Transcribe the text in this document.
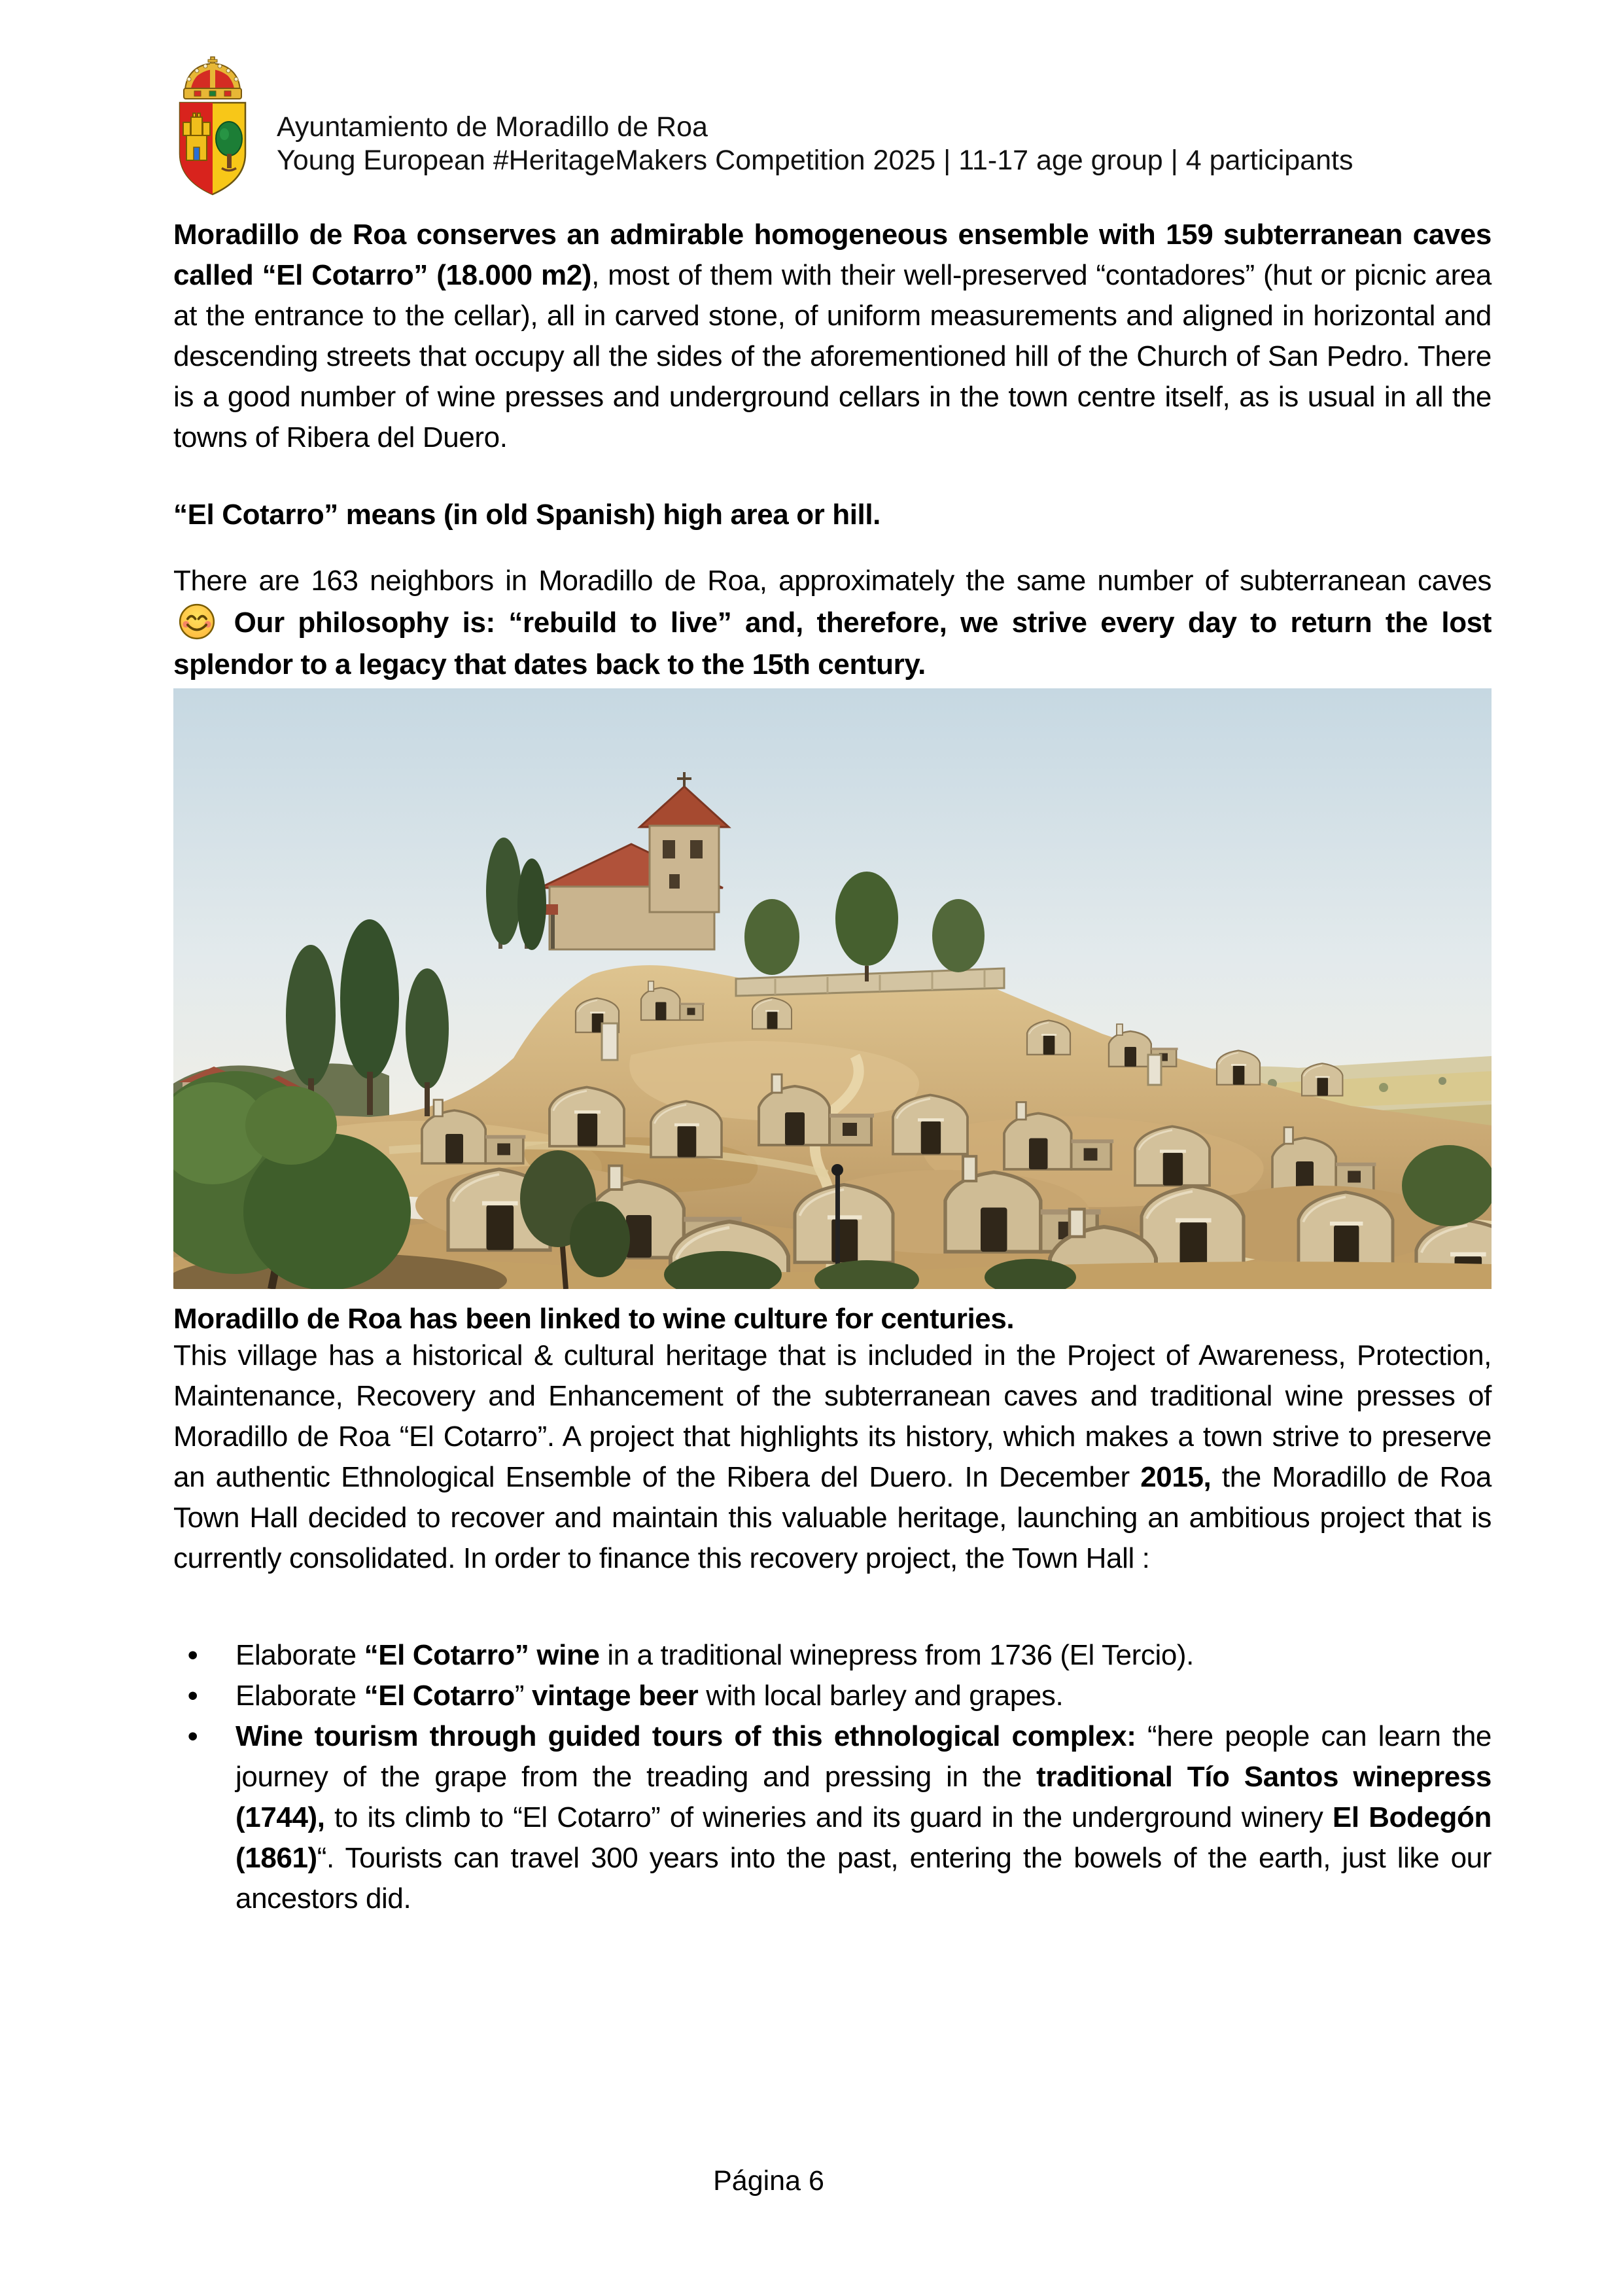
Ayuntamiento de Moradillo de Roa
Young European #HeritageMakers Competition 2025 | 11-17 age group | 4 participants

Moradillo de Roa conserves an admirable homogeneous ensemble with 159 subterranean caves called “El Cotarro” (18.000 m2), most of them with their well-preserved “contadores” (hut or picnic area at the entrance to the cellar), all in carved stone, of uniform measurements and aligned in horizontal and descending streets that occupy all the sides of the aforementioned hill of the Church of San Pedro. There is a good number of wine presses and underground cellars in the town centre itself, as is usual in all the towns of Ribera del Duero.

“El Cotarro” means (in old Spanish) high area or hill.

There are 163 neighbors in Moradillo de Roa, approximately the same number of subterranean caves  Our philosophy is: “rebuild to live” and, therefore, we strive every day to return the lost splendor to a legacy that dates back to the 15th century.

Moradillo de Roa has been linked to wine culture for centuries.

This village has a historical & cultural heritage that is included in the Project of Awareness, Protection, Maintenance, Recovery and Enhancement of the subterranean caves and traditional wine presses of Moradillo de Roa “El Cotarro”. A project that highlights its history, which makes a town strive to preserve an authentic Ethnological Ensemble of the Ribera del Duero. In December 2015, the Moradillo de Roa Town Hall decided to recover and maintain this valuable heritage, launching an ambitious project that is currently consolidated. In order to finance this recovery project, the Town Hall :

• Elaborate “El Cotarro” wine in a traditional winepress from 1736 (El Tercio).
• Elaborate “El Cotarro” vintage beer with local barley and grapes.
• Wine tourism through guided tours of this ethnological complex: “here people can learn the journey of the grape from the treading and pressing in the traditional Tío Santos winepress (1744), to its climb to “El Cotarro” of wineries and its guard in the underground winery El Bodegón (1861)“. Tourists can travel 300 years into the past, entering the bowels of the earth, just like our ancestors did.
Página 6
